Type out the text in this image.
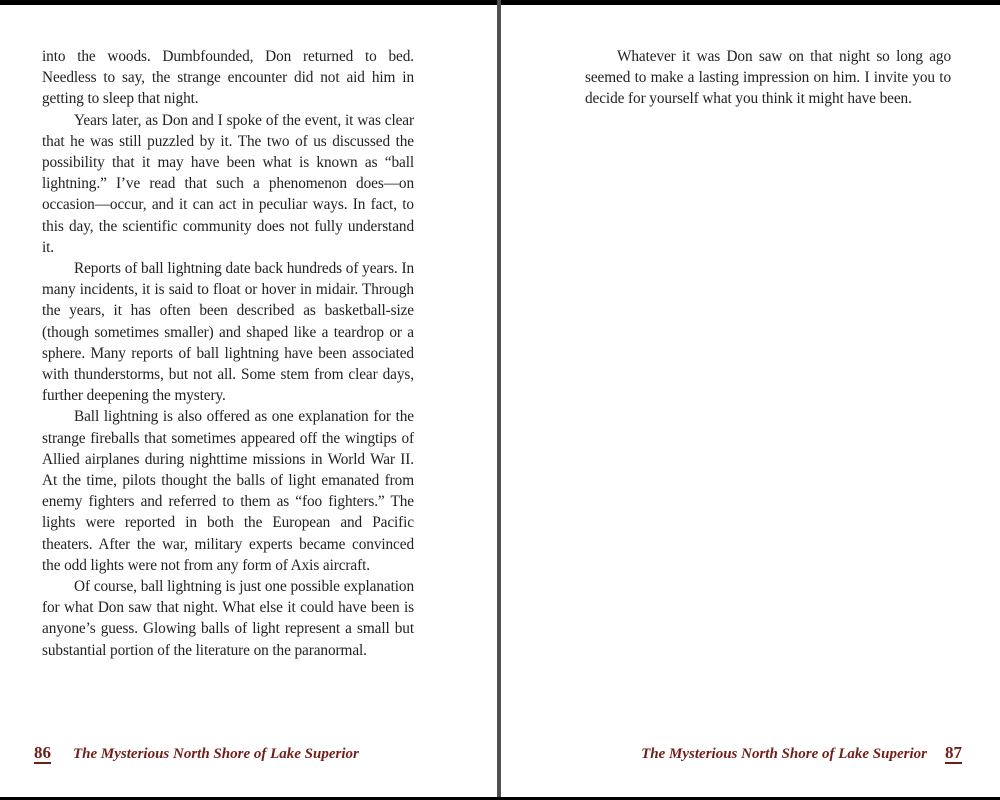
into the woods. Dumbfounded, Don returned to bed. Needless to say, the strange encounter did not aid him in getting to sleep that night.

Years later, as Don and I spoke of the event, it was clear that he was still puzzled by it. The two of us discussed the possibility that it may have been what is known as “ball lightning.” I’ve read that such a phenomenon does—on occasion—occur, and it can act in peculiar ways. In fact, to this day, the scientific community does not fully understand it.

Reports of ball lightning date back hundreds of years. In many incidents, it is said to float or hover in midair. Through the years, it has often been described as basketball-size (though sometimes smaller) and shaped like a teardrop or a sphere. Many reports of ball lightning have been associated with thunderstorms, but not all. Some stem from clear days, further deepening the mystery.

Ball lightning is also offered as one explanation for the strange fireballs that sometimes appeared off the wingtips of Allied airplanes during nighttime missions in World War II. At the time, pilots thought the balls of light emanated from enemy fighters and referred to them as “foo fighters.” The lights were reported in both the European and Pacific theaters. After the war, military experts became convinced the odd lights were not from any form of Axis aircraft.

Of course, ball lightning is just one possible explanation for what Don saw that night. What else it could have been is anyone’s guess. Glowing balls of light represent a small but substantial portion of the literature on the paranormal.

86 The Mysterious North Shore of Lake Superior

Whatever it was Don saw on that night so long ago seemed to make a lasting impression on him. I invite you to decide for yourself what you think it might have been.

The Mysterious North Shore of Lake Superior 87
